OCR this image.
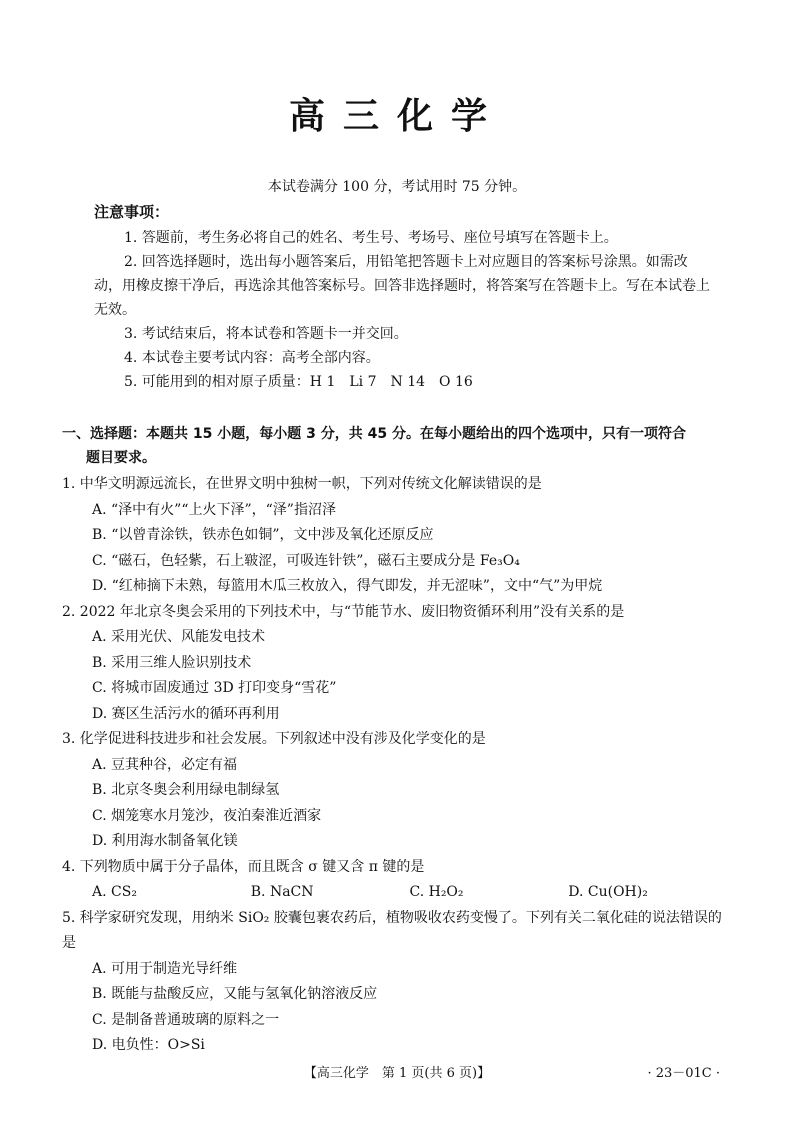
高三化学
本试卷满分 100 分，考试用时 75 分钟。
注意事项：
1. 答题前，考生务必将自己的姓名、考生号、考场号、座位号填写在答题卡上。
2. 回答选择题时，选出每小题答案后，用铅笔把答题卡上对应题目的答案标号涂黑。如需改动，用橡皮擦干净后，再选涂其他答案标号。回答非选择题时，将答案写在答题卡上。写在本试卷上无效。
3. 考试结束后，将本试卷和答题卡一并交回。
4. 本试卷主要考试内容：高考全部内容。
5. 可能用到的相对原子质量：H 1　Li 7　N 14　O 16
一、选择题：本题共 15 小题，每小题 3 分，共 45 分。在每小题给出的四个选项中，只有一项符合
题目要求。
1. 中华文明源远流长，在世界文明中独树一帜，下列对传统文化解读错误的是
A. “泽中有火”“上火下泽”，“泽”指沼泽
B. “以曾青涂铁，铁赤色如铜”，文中涉及氧化还原反应
C. “磁石，色轻紫，石上皲涩，可吸连针铁”，磁石主要成分是 Fe₃O₄
D. “红柿摘下未熟，每篮用木瓜三枚放入，得气即发，并无涩味”，文中“气”为甲烷
2. 2022 年北京冬奥会采用的下列技术中，与“节能节水、废旧物资循环利用”没有关系的是
A. 采用光伏、风能发电技术
B. 采用三维人脸识别技术
C. 将城市固废通过 3D 打印变身“雪花”
D. 赛区生活污水的循环再利用
3. 化学促进科技进步和社会发展。下列叙述中没有涉及化学变化的是
A. 豆萁种谷，必定有福
B. 北京冬奥会利用绿电制绿氢
C. 烟笼寒水月笼沙，夜泊秦淮近酒家
D. 利用海水制备氧化镁
4. 下列物质中属于分子晶体，而且既含 σ 键又含 π 键的是
A. CS₂	B. NaCN	C. H₂O₂	D. Cu(OH)₂
5. 科学家研究发现，用纳米 SiO₂ 胶囊包裹农药后，植物吸收农药变慢了。下列有关二氧化硅的说法错误的是
A. 可用于制造光导纤维
B. 既能与盐酸反应，又能与氢氧化钠溶液反应
C. 是制备普通玻璃的原料之一
D. 电负性：O>Si
【高三化学　第 1 页(共 6 页)】	· 23－01C ·
